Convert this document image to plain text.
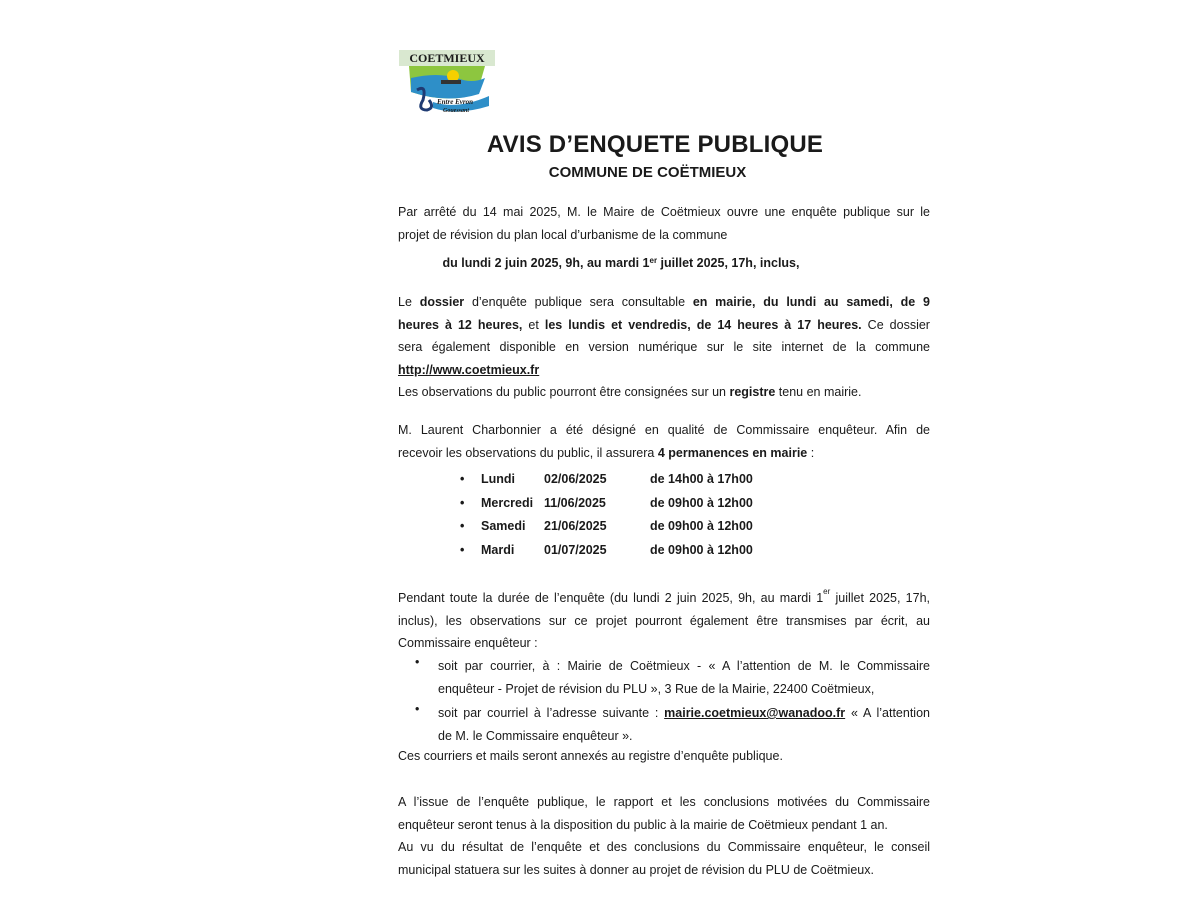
COETMIEUX
Entre Evron
Gouessant
AVIS D’ENQUETE PUBLIQUE
COMMUNE DE COËTMIEUX
Par arrêté du 14 mai 2025, M. le Maire de Coëtmieux ouvre une enquête publique sur le
projet de révision du plan local d’urbanisme de la commune
du lundi 2 juin 2025, 9h, au mardi 1er juillet 2025, 17h, inclus,
Le dossier d’enquête publique sera consultable en mairie, du lundi au samedi, de 9
heures à 12 heures, et les lundis et vendredis, de 14 heures à 17 heures. Ce dossier
sera également disponible en version numérique sur le site internet de la commune
http://www.coetmieux.fr
Les observations du public pourront être consignées sur un registre tenu en mairie.
M. Laurent Charbonnier a été désigné en qualité de Commissaire enquêteur. Afin de
recevoir les observations du public, il assurera 4 permanences en mairie :
• Lundi 02/06/2025	de 14h00 à 17h00
• Mercredi 11/06/2025	de 09h00 à 12h00
• Samedi 21/06/2025	de 09h00 à 12h00
• Mardi 01/07/2025	de 09h00 à 12h00
Pendant toute la durée de l’enquête (du lundi 2 juin 2025, 9h, au mardi 1er juillet 2025, 17h,
inclus), les observations sur ce projet pourront également être transmises par écrit, au
Commissaire enquêteur :
• soit par courrier, à : Mairie de Coëtmieux - « A l’attention de M. le Commissaire
enquêteur - Projet de révision du PLU », 3 Rue de la Mairie, 22400 Coëtmieux,
• soit par courriel à l’adresse suivante : mairie.coetmieux@wanadoo.fr « A l’attention
de M. le Commissaire enquêteur ».
Ces courriers et mails seront annexés au registre d’enquête publique.
A l’issue de l’enquête publique, le rapport et les conclusions motivées du Commissaire
enquêteur seront tenus à la disposition du public à la mairie de Coëtmieux pendant 1 an.
Au vu du résultat de l’enquête et des conclusions du Commissaire enquêteur, le conseil
municipal statuera sur les suites à donner au projet de révision du PLU de Coëtmieux.
